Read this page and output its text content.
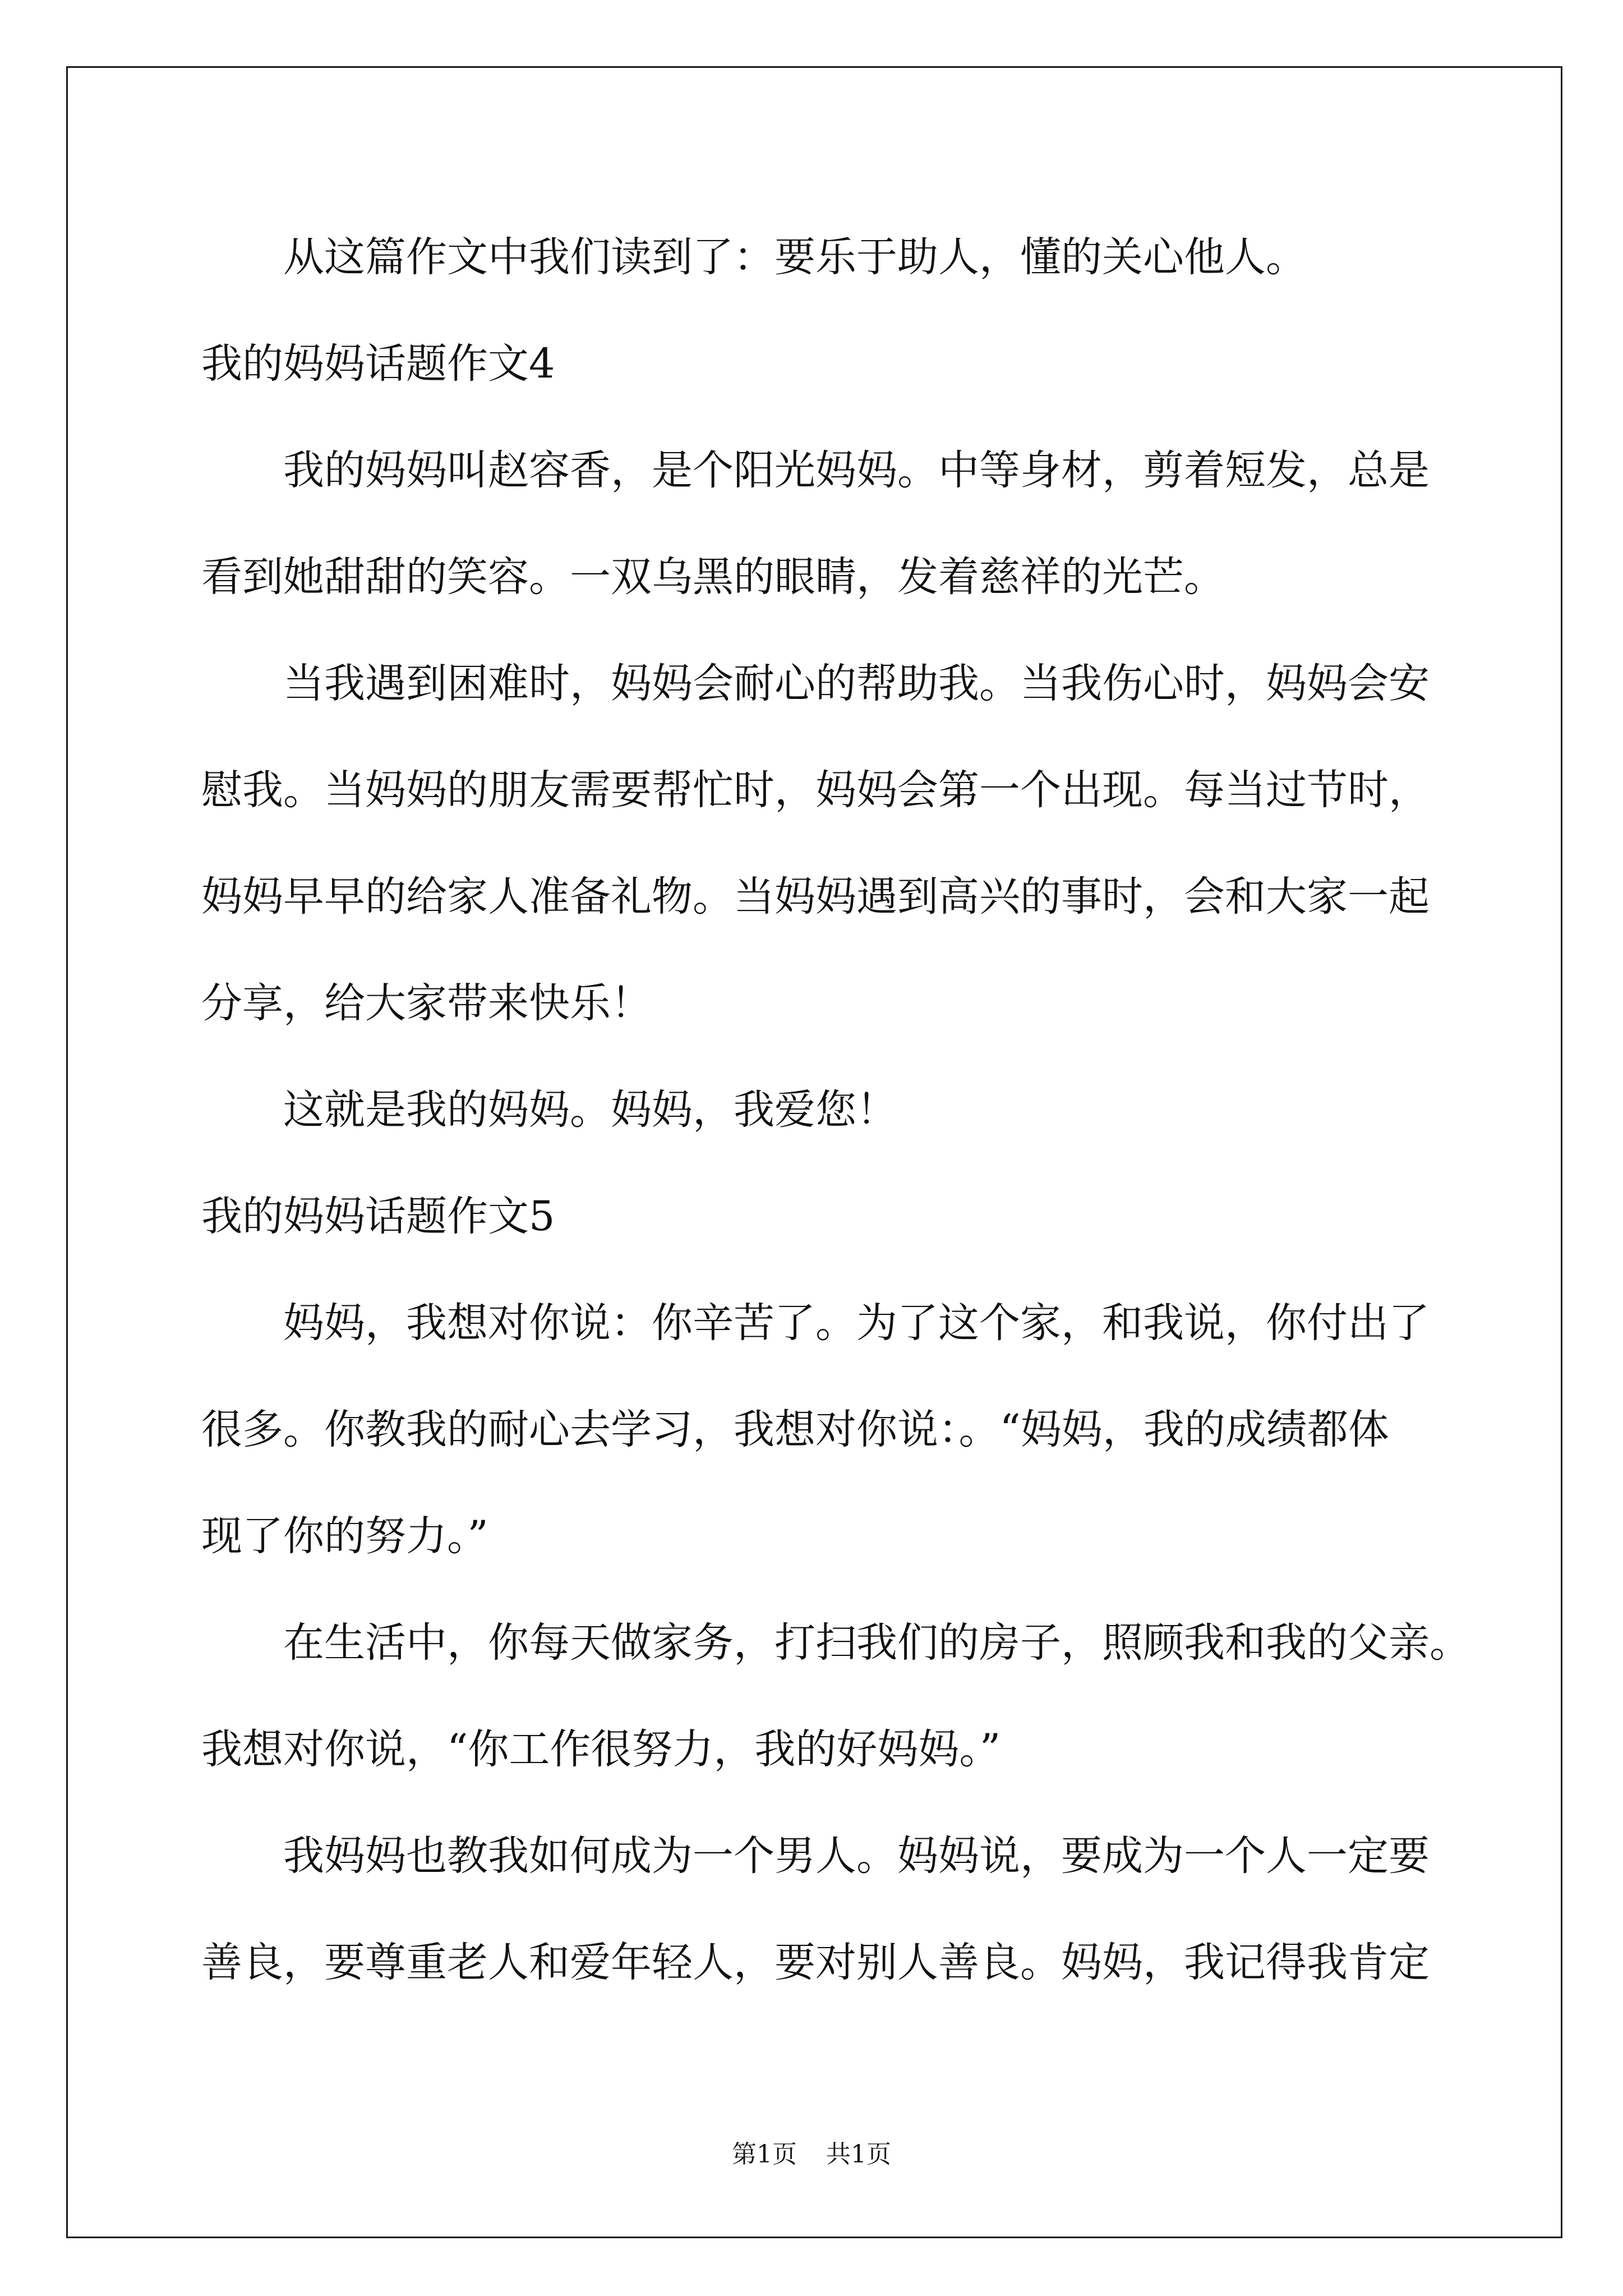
从这篇作文中我们读到了：要乐于助人，懂的关心他人。
我的妈妈话题作文4
我的妈妈叫赵容香，是个阳光妈妈。中等身材，剪着短发，总是
看到她甜甜的笑容。一双乌黑的眼睛，发着慈祥的光芒。
当我遇到困难时，妈妈会耐心的帮助我。当我伤心时，妈妈会安
慰我。当妈妈的朋友需要帮忙时，妈妈会第一个出现。每当过节时，
妈妈早早的给家人准备礼物。当妈妈遇到高兴的事时，会和大家一起
分享，给大家带来快乐！
这就是我的妈妈。妈妈，我爱您！
我的妈妈话题作文5
妈妈，我想对你说：你辛苦了。为了这个家，和我说，你付出了
很多。你教我的耐心去学习，我想对你说：。“妈妈，我的成绩都体
现了你的努力。”
在生活中，你每天做家务，打扫我们的房子，照顾我和我的父亲。
我想对你说，“你工作很努力，我的好妈妈。”
我妈妈也教我如何成为一个男人。妈妈说，要成为一个人一定要
善良，要尊重老人和爱年轻人，要对别人善良。妈妈，我记得我肯定
第1页 共1页
